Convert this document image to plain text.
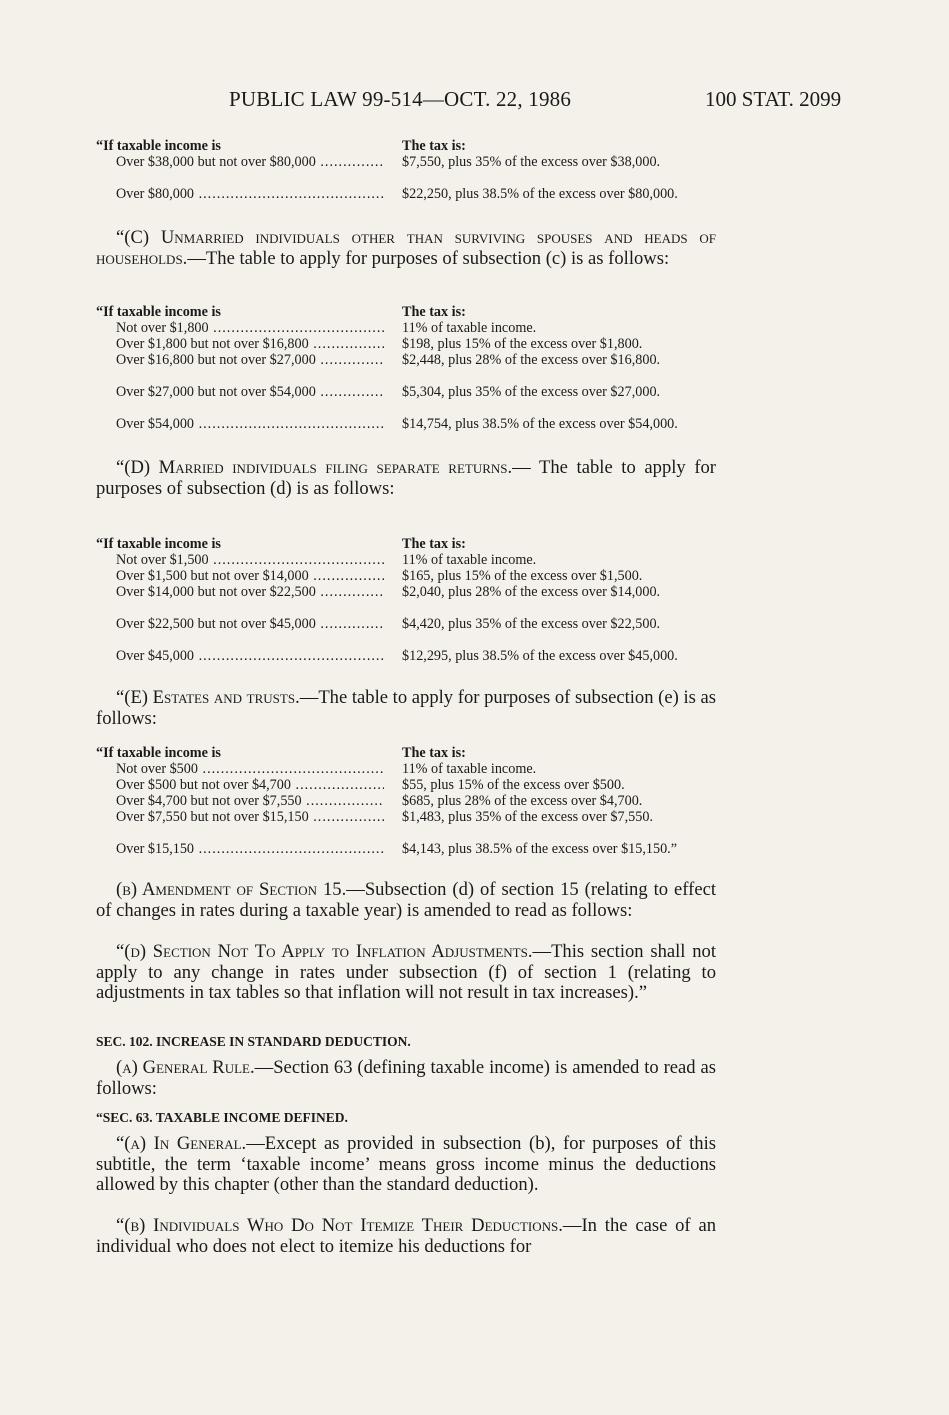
PUBLIC LAW 99-514—OCT. 22, 1986	100 STAT. 2099
“If taxable income is	The tax is:
Over $38,000 but not over $80,000 .....	$7,550, plus 35% of the excess over $38,000.
Over $80,000 .....	$22,250, plus 38.5% of the excess over $80,000.
“(C) Unmarried individuals other than surviving spouses and heads of households.—The table to apply for purposes of subsection (c) is as follows:
“If taxable income is	The tax is:
Not over $1,800 .....	11% of taxable income.
Over $1,800 but not over $16,800 .....	$198, plus 15% of the excess over $1,800.
Over $16,800 but not over $27,000 .....	$2,448, plus 28% of the excess over $16,800.
Over $27,000 but not over $54,000 .....	$5,304, plus 35% of the excess over $27,000.
Over $54,000 .....	$14,754, plus 38.5% of the excess over $54,000.
“(D) Married individuals filing separate returns.— The table to apply for purposes of subsection (d) is as follows:
“If taxable income is	The tax is:
Not over $1,500 .....	11% of taxable income.
Over $1,500 but not over $14,000 .....	$165, plus 15% of the excess over $1,500.
Over $14,000 but not over $22,500 .....	$2,040, plus 28% of the excess over $14,000.
Over $22,500 but not over $45,000 .....	$4,420, plus 35% of the excess over $22,500.
Over $45,000 .....	$12,295, plus 38.5% of the excess over $45,000.
“(E) Estates and trusts.—The table to apply for purposes of subsection (e) is as follows:
“If taxable income is	The tax is:
Not over $500 .....	11% of taxable income.
Over $500 but not over $4,700 .....	$55, plus 15% of the excess over $500.
Over $4,700 but not over $7,550 .....	$685, plus 28% of the excess over $4,700.
Over $7,550 but not over $15,150 .....	$1,483, plus 35% of the excess over $7,550.
Over $15,150 .....	$4,143, plus 38.5% of the excess over $15,150.”
(b) Amendment of Section 15.—Subsection (d) of section 15 (relating to effect of changes in rates during a taxable year) is amended to read as follows:
“(d) Section Not To Apply to Inflation Adjustments.—This section shall not apply to any change in rates under subsection (f) of section 1 (relating to adjustments in tax tables so that inflation will not result in tax increases).”
SEC. 102. INCREASE IN STANDARD DEDUCTION.
(a) General Rule.—Section 63 (defining taxable income) is amended to read as follows:
“SEC. 63. TAXABLE INCOME DEFINED.
“(a) In General.—Except as provided in subsection (b), for purposes of this subtitle, the term ‘taxable income’ means gross income minus the deductions allowed by this chapter (other than the standard deduction).
“(b) Individuals Who Do Not Itemize Their Deductions.—In the case of an individual who does not elect to itemize his deductions for
